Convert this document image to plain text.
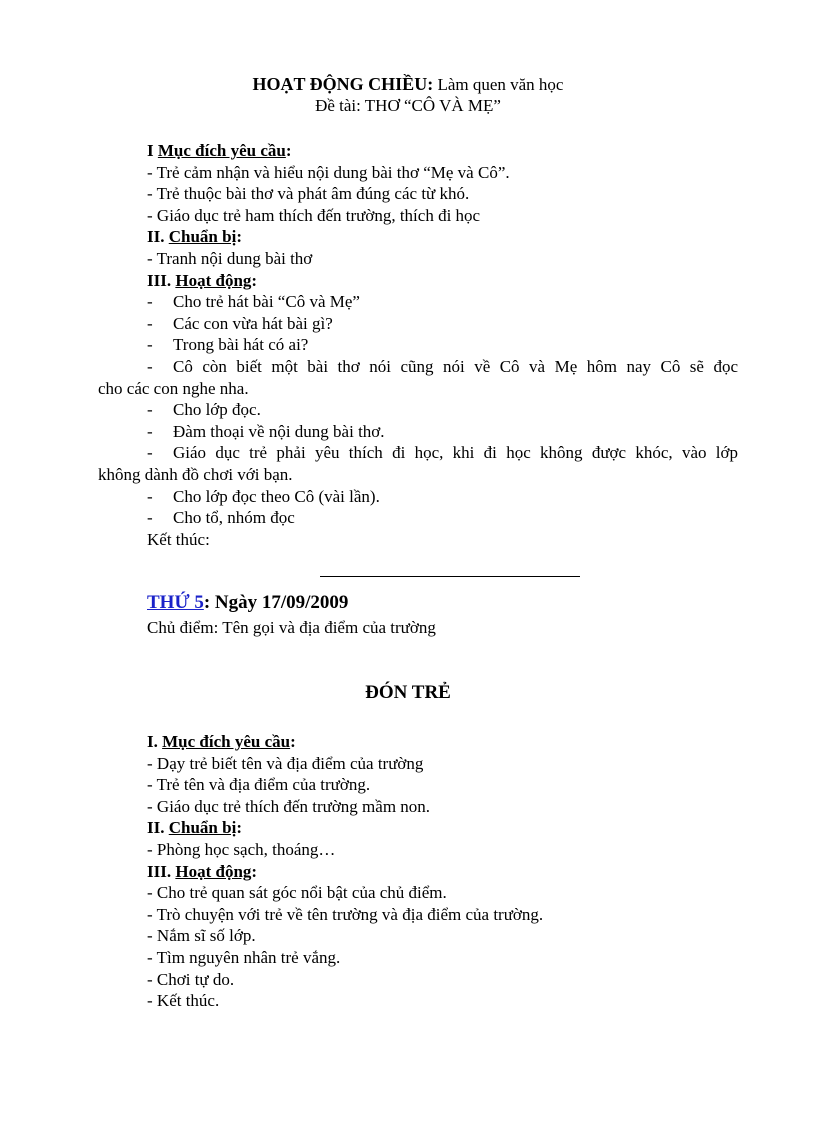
HOẠT ĐỘNG CHIỀU: Làm quen văn học
Đề tài: THƠ “CÔ VÀ MẸ”
I Mục đích yêu cầu:
- Trẻ cảm nhận và hiểu nội dung bài thơ “Mẹ và Cô”.
- Trẻ thuộc bài thơ và phát âm đúng các từ khó.
- Giáo dục trẻ ham thích đến trường, thích đi học
II. Chuẩn bị:
- Tranh nội dung bài thơ
III. Hoạt động:
- Cho trẻ hát bài “Cô và Mẹ”
- Các con vừa hát bài gì?
- Trong bài hát có ai?
- Cô còn biết một bài thơ nói cũng nói về Cô và Mẹ hôm nay Cô sẽ đọc
cho các con nghe nha.
- Cho lớp đọc.
- Đàm thoại về nội dung bài thơ.
- Giáo dục trẻ phải yêu thích đi học, khi đi học không được khóc, vào lớp
không dành đồ chơi với bạn.
- Cho lớp đọc theo Cô (vài lần).
- Cho tổ, nhóm đọc
Kết thúc:
THỨ 5: Ngày 17/09/2009
Chủ điểm: Tên gọi và địa điểm của trường
ĐÓN TRẺ
I. Mục đích yêu cầu:
- Dạy trẻ biết tên và địa điểm của trường
- Trẻ tên và địa điểm của trường.
- Giáo dục trẻ thích đến trường mầm non.
II. Chuẩn bị:
- Phòng học sạch, thoáng…
III. Hoạt động:
- Cho trẻ quan sát góc nổi bật của chủ điểm.
- Trò chuyện với trẻ về tên trường và địa điểm của trường.
- Nắm sĩ số lớp.
- Tìm nguyên nhân trẻ vắng.
- Chơi tự do.
- Kết thúc.
